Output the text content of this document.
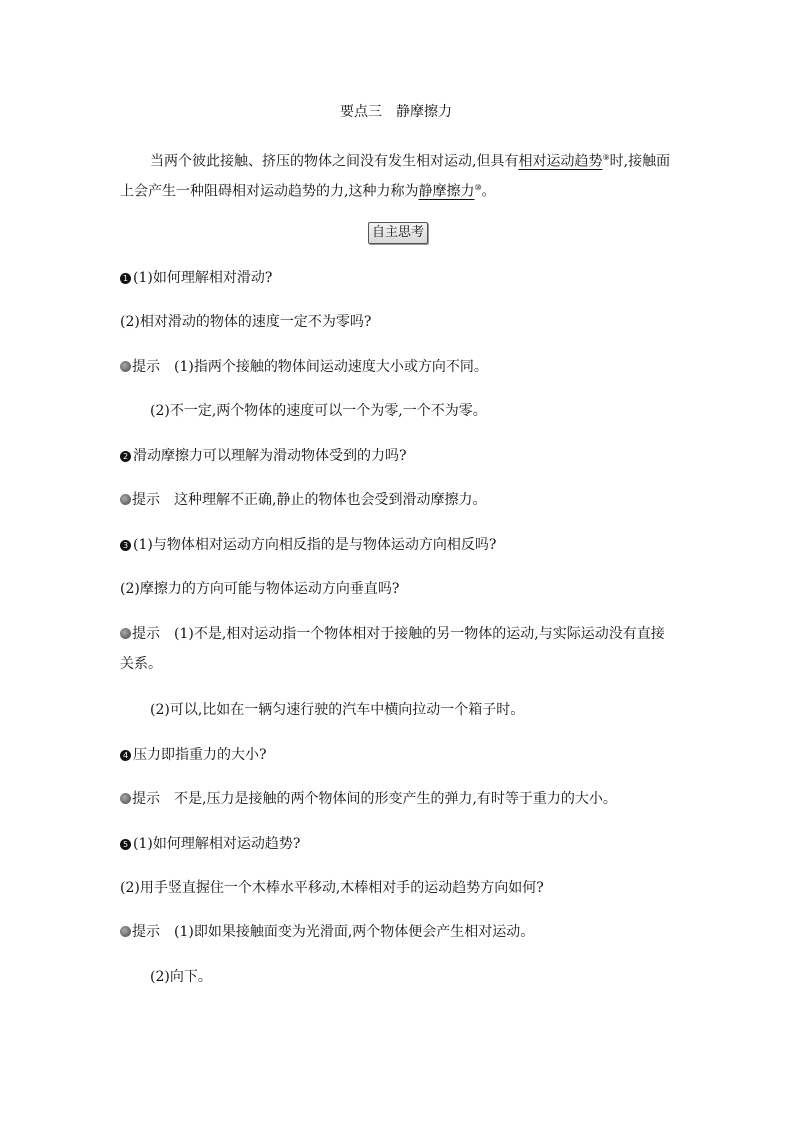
要点三　静摩擦力
当两个彼此接触、挤压的物体之间没有发生相对运动,但具有相对运动趋势⑨时,接触面
上会产生一种阻碍相对运动趋势的力,这种力称为静摩擦力⑩。
自主思考
1 (1)如何理解相对滑动?
(2)相对滑动的物体的速度一定不为零吗?
提示 (1)指两个接触的物体间运动速度大小或方向不同。
(2)不一定,两个物体的速度可以一个为零,一个不为零。
2 滑动摩擦力可以理解为滑动物体受到的力吗?
提示 这种理解不正确,静止的物体也会受到滑动摩擦力。
3 (1)与物体相对运动方向相反指的是与物体运动方向相反吗?
(2)摩擦力的方向可能与物体运动方向垂直吗?
提示 (1)不是,相对运动指一个物体相对于接触的另一物体的运动,与实际运动没有直接
关系。
(2)可以,比如在一辆匀速行驶的汽车中横向拉动一个箱子时。
4 压力即指重力的大小?
提示 不是,压力是接触的两个物体间的形变产生的弹力,有时等于重力的大小。
5 (1)如何理解相对运动趋势?
(2)用手竖直握住一个木棒水平移动,木棒相对手的运动趋势方向如何?
提示 (1)即如果接触面变为光滑面,两个物体便会产生相对运动。
(2)向下。
